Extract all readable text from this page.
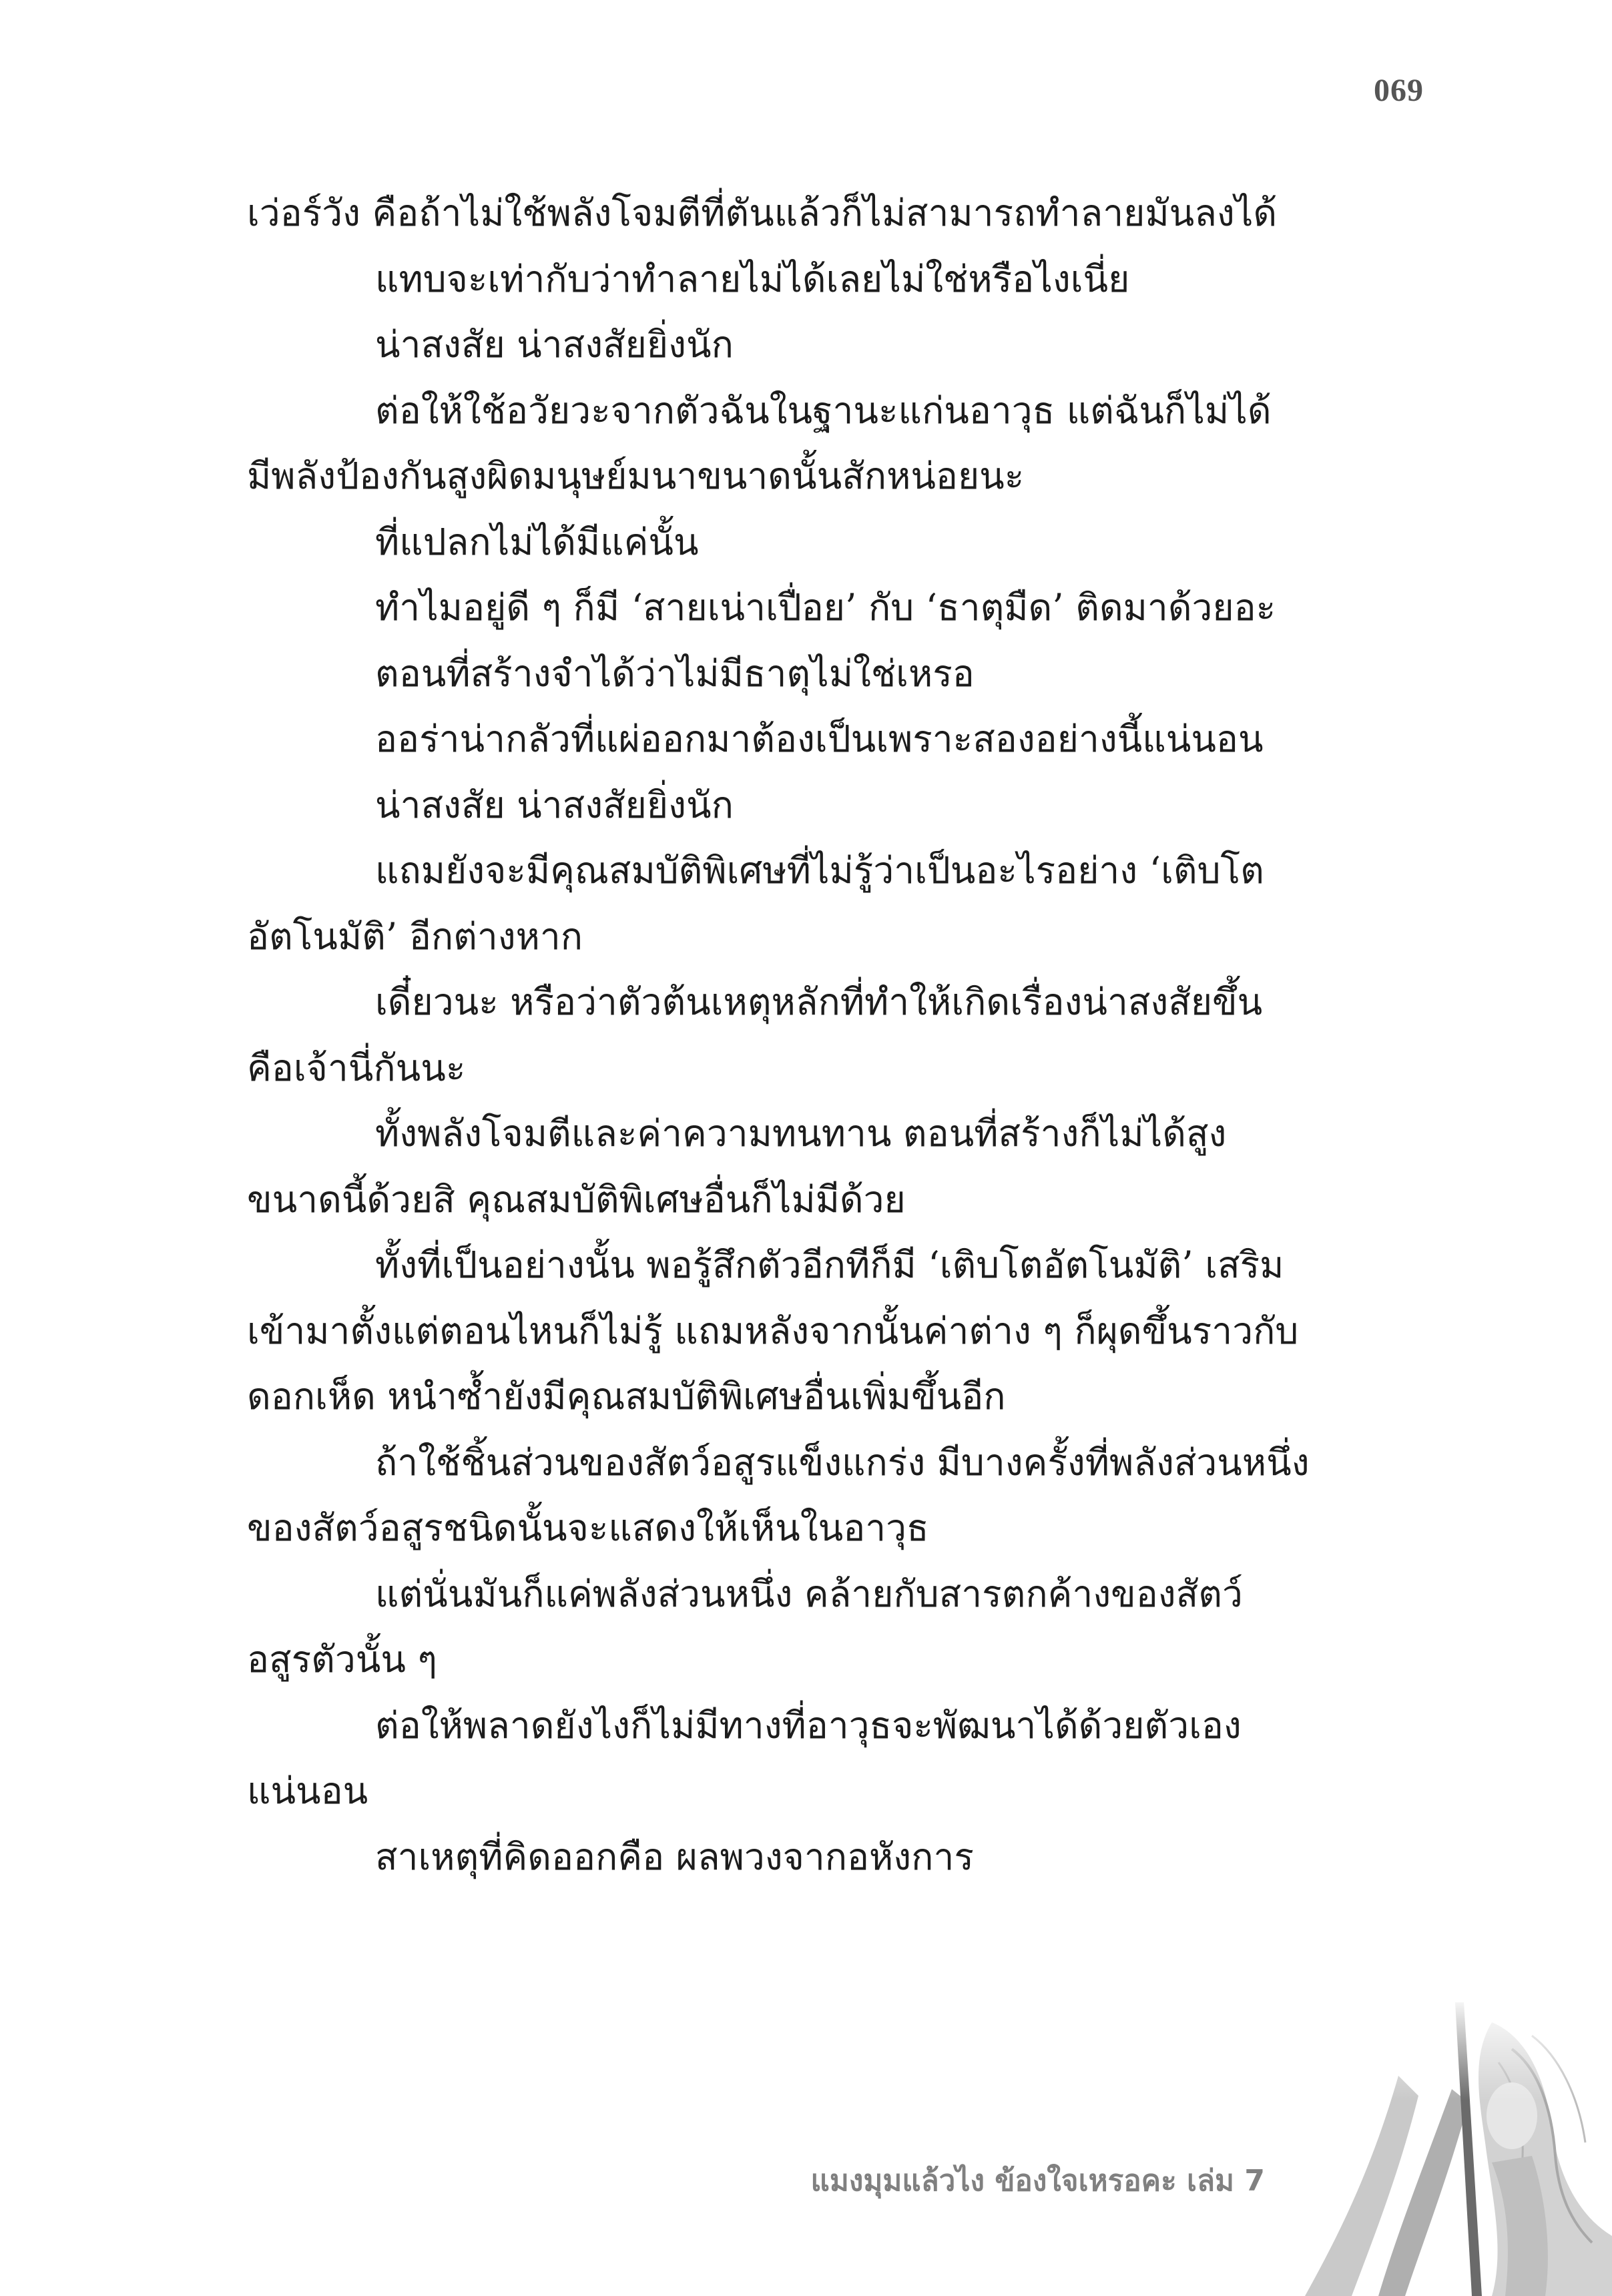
069

เว่อร์วัง คือถ้าไม่ใช้พลังโจมตีที่ตันแล้วก็ไม่สามารถทำลายมันลงได้

แทบจะเท่ากับว่าทำลายไม่ได้เลยไม่ใช่หรือไงเนี่ย

น่าสงสัย น่าสงสัยยิ่งนัก

ต่อให้ใช้อวัยวะจากตัวฉันในฐานะแก่นอาวุธ แต่ฉันก็ไม่ได้

มีพลังป้องกันสูงผิดมนุษย์มนาขนาดนั้นสักหน่อยนะ

ที่แปลกไม่ได้มีแค่นั้น

ทำไมอยู่ดี ๆ ก็มี ‘สายเน่าเปื่อย’ กับ ‘ธาตุมืด’ ติดมาด้วยอะ

ตอนที่สร้างจำได้ว่าไม่มีธาตุไม่ใช่เหรอ

ออร่าน่ากลัวที่แผ่ออกมาต้องเป็นเพราะสองอย่างนี้แน่นอน

น่าสงสัย น่าสงสัยยิ่งนัก

แถมยังจะมีคุณสมบัติพิเศษที่ไม่รู้ว่าเป็นอะไรอย่าง ‘เติบโต

อัตโนมัติ’ อีกต่างหาก

เดี๋ยวนะ หรือว่าตัวต้นเหตุหลักที่ทำให้เกิดเรื่องน่าสงสัยขึ้น

คือเจ้านี่กันนะ

ทั้งพลังโจมตีและค่าความทนทาน ตอนที่สร้างก็ไม่ได้สูง

ขนาดนี้ด้วยสิ คุณสมบัติพิเศษอื่นก็ไม่มีด้วย

ทั้งที่เป็นอย่างนั้น พอรู้สึกตัวอีกทีก็มี ‘เติบโตอัตโนมัติ’ เสริม

เข้ามาตั้งแต่ตอนไหนก็ไม่รู้ แถมหลังจากนั้นค่าต่าง ๆ ก็ผุดขึ้นราวกับ

ดอกเห็ด หนำซ้ำยังมีคุณสมบัติพิเศษอื่นเพิ่มขึ้นอีก

ถ้าใช้ชิ้นส่วนของสัตว์อสูรแข็งแกร่ง มีบางครั้งที่พลังส่วนหนึ่ง

ของสัตว์อสูรชนิดนั้นจะแสดงให้เห็นในอาวุธ

แต่นั่นมันก็แค่พลังส่วนหนึ่ง คล้ายกับสารตกค้างของสัตว์

อสูรตัวนั้น ๆ

ต่อให้พลาดยังไงก็ไม่มีทางที่อาวุธจะพัฒนาได้ด้วยตัวเอง

แน่นอน

สาเหตุที่คิดออกคือ ผลพวงจากอหังการ

แมงมุมแล้วไง ข้องใจเหรอคะ เล่ม 7
